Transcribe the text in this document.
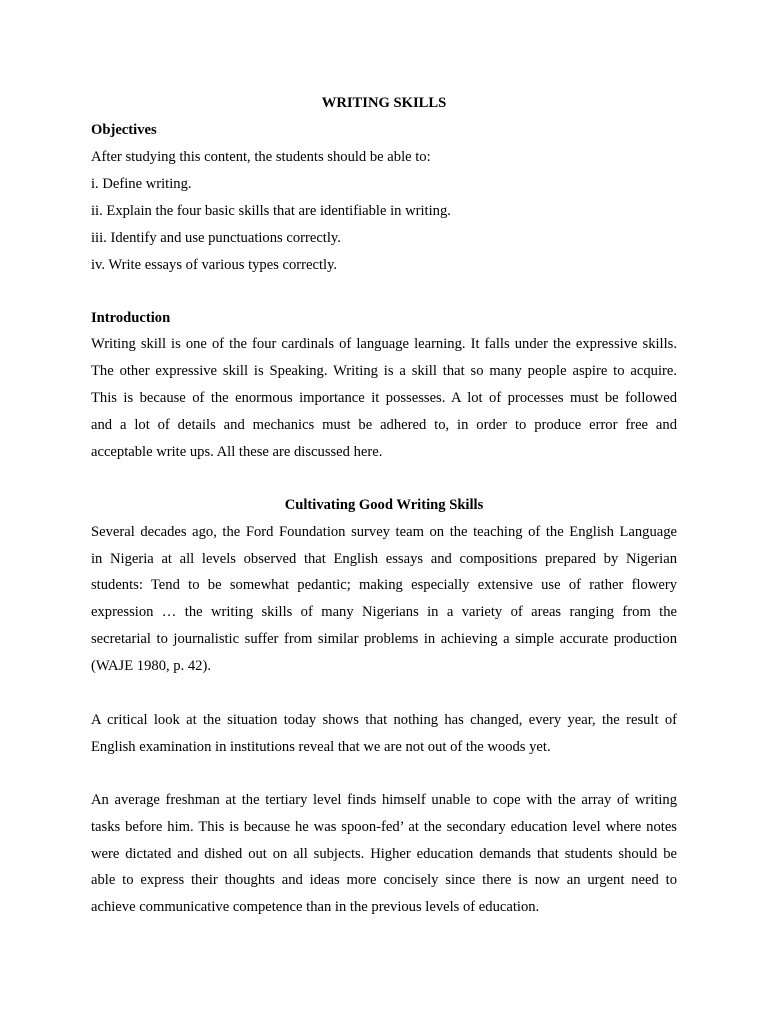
WRITING SKILLS
Objectives
After studying this content, the students should be able to:
i. Define writing.
ii. Explain the four basic skills that are identifiable in writing.
iii. Identify and use punctuations correctly.
iv. Write essays of various types correctly.
Introduction
Writing skill is one of the four cardinals of language learning. It falls under the expressive skills.
The other expressive skill is Speaking. Writing is a skill that so many people aspire to acquire.
This is because of the enormous importance it possesses. A lot of processes must be followed
and a lot of details and mechanics must be adhered to, in order to produce error free and
acceptable write ups. All these are discussed here.
Cultivating Good Writing Skills
Several decades ago, the Ford Foundation survey team on the teaching of the English Language
in Nigeria at all levels observed that English essays and compositions prepared by Nigerian
students: Tend to be somewhat pedantic; making especially extensive use of rather flowery
expression … the writing skills of many Nigerians in a variety of areas ranging from the
secretarial to journalistic suffer from similar problems in achieving a simple accurate production
(WAJE 1980, p. 42).
A critical look at the situation today shows that nothing has changed, every year, the result of
English examination in institutions reveal that we are not out of the woods yet.
An average freshman at the tertiary level finds himself unable to cope with the array of writing
tasks before him. This is because he was spoon-fed’ at the secondary education level where notes
were dictated and dished out on all subjects. Higher education demands that students should be
able to express their thoughts and ideas more concisely since there is now an urgent need to
achieve communicative competence than in the previous levels of education.
